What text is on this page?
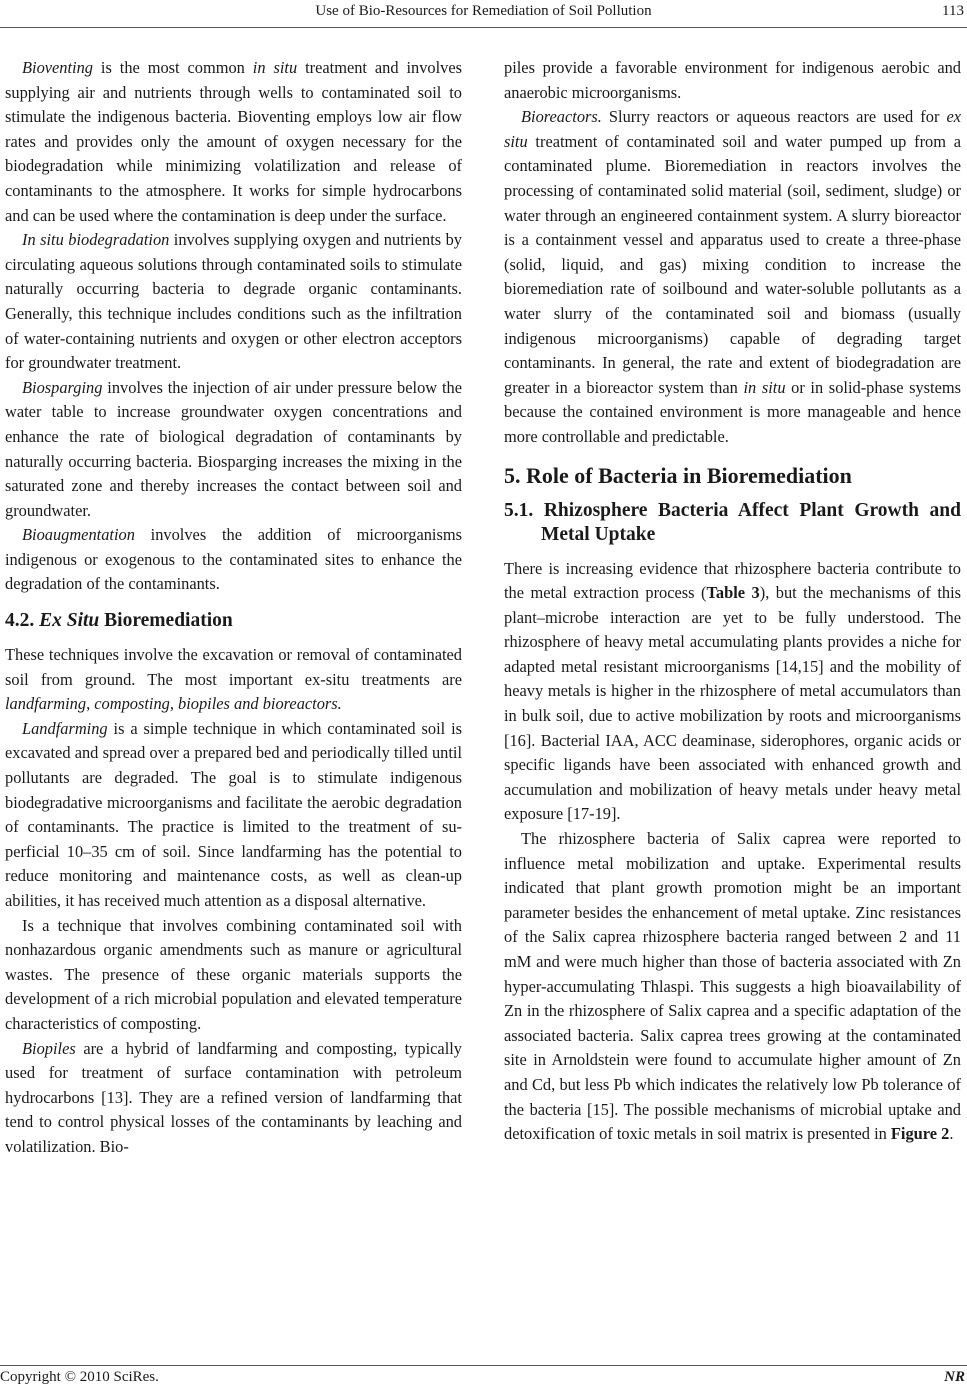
Use of Bio-Resources for Remediation of Soil Pollution	113

Bioventing is the most common in situ treatment and involves supplying air and nutrients through wells to contaminated soil to stimulate the indigenous bacteria. Bioventing employs low air flow rates and provides only the amount of oxygen necessary for the biodegradation while minimizing volatilization and release of contaminants to the atmosphere. It works for simple hydrocarbons and can be used where the contamination is deep under the surface.

In situ biodegradation involves supplying oxygen and nutrients by circulating aqueous solutions through contaminated soils to stimulate naturally occurring bacteria to degrade organic contaminants. Generally, this technique includes conditions such as the infiltration of water-containing nutrients and oxygen or other electron acceptors for groundwater treatment.

Biosparging involves the injection of air under pressure below the water table to increase groundwater oxygen concentrations and enhance the rate of biological degradation of contaminants by naturally occurring bacteria. Biosparging increases the mixing in the saturated zone and thereby increases the contact between soil and groundwater.

Bioaugmentation involves the addition of microorganisms indigenous or exogenous to the contaminated sites to enhance the degradation of the contaminants.

4.2. Ex Situ Bioremediation

These techniques involve the excavation or removal of contaminated soil from ground. The most important ex-situ treatments are landfarming, composting, biopiles and bioreactors.

Landfarming is a simple technique in which contaminated soil is excavated and spread over a prepared bed and periodically tilled until pollutants are degraded. The goal is to stimulate indigenous biodegradative microorganisms and facilitate the aerobic degradation of contaminants. The practice is limited to the treatment of superficial 10–35 cm of soil. Since landfarming has the potential to reduce monitoring and maintenance costs, as well as clean-up abilities, it has received much attention as a disposal alternative.

Is a technique that involves combining contaminated soil with nonhazardous organic amendments such as manure or agricultural wastes. The presence of these organic materials supports the development of a rich microbial population and elevated temperature characteristics of composting.

Biopiles are a hybrid of landfarming and composting, typically used for treatment of surface contamination with petroleum hydrocarbons [13]. They are a refined version of landfarming that tend to control physical losses of the contaminants by leaching and volatilization. Bio-

piles provide a favorable environment for indigenous aerobic and anaerobic microorganisms.

Bioreactors. Slurry reactors or aqueous reactors are used for ex situ treatment of contaminated soil and water pumped up from a contaminated plume. Bioremediation in reactors involves the processing of contaminated solid material (soil, sediment, sludge) or water through an engineered containment system. A slurry bioreactor is a containment vessel and apparatus used to create a three-phase (solid, liquid, and gas) mixing condition to increase the bioremediation rate of soilbound and water-soluble pollutants as a water slurry of the contaminated soil and biomass (usually indigenous microorganisms) capable of degrading target contaminants. In general, the rate and extent of biodegradation are greater in a bioreactor system than in situ or in solid-phase systems because the contained environment is more manageable and hence more controllable and predictable.

5. Role of Bacteria in Bioremediation
5.1. Rhizosphere Bacteria Affect Plant Growth and Metal Uptake

There is increasing evidence that rhizosphere bacteria contribute to the metal extraction process (Table 3), but the mechanisms of this plant–microbe interaction are yet to be fully understood. The rhizosphere of heavy metal accumulating plants provides a niche for adapted metal resistant microorganisms [14,15] and the mobility of heavy metals is higher in the rhizosphere of metal accumulators than in bulk soil, due to active mobilization by roots and microorganisms [16]. Bacterial IAA, ACC deaminase, siderophores, organic acids or specific ligands have been associated with enhanced growth and accumulation and mobilization of heavy metals under heavy metal exposure [17-19].

The rhizosphere bacteria of Salix caprea were reported to influence metal mobilization and uptake. Experimental results indicated that plant growth promotion might be an important parameter besides the enhancement of metal uptake. Zinc resistances of the Salix caprea rhizosphere bacteria ranged between 2 and 11 mM and were much higher than those of bacteria associated with Zn hyper-accumulating Thlaspi. This suggests a high bioavailability of Zn in the rhizosphere of Salix caprea and a specific adaptation of the associated bacteria. Salix caprea trees growing at the contaminated site in Arnoldstein were found to accumulate higher amount of Zn and Cd, but less Pb which indicates the relatively low Pb tolerance of the bacteria [15]. The possible mechanisms of microbial uptake and detoxification of toxic metals in soil matrix is presented in Figure 2.

Copyright © 2010 SciRes.	NR
